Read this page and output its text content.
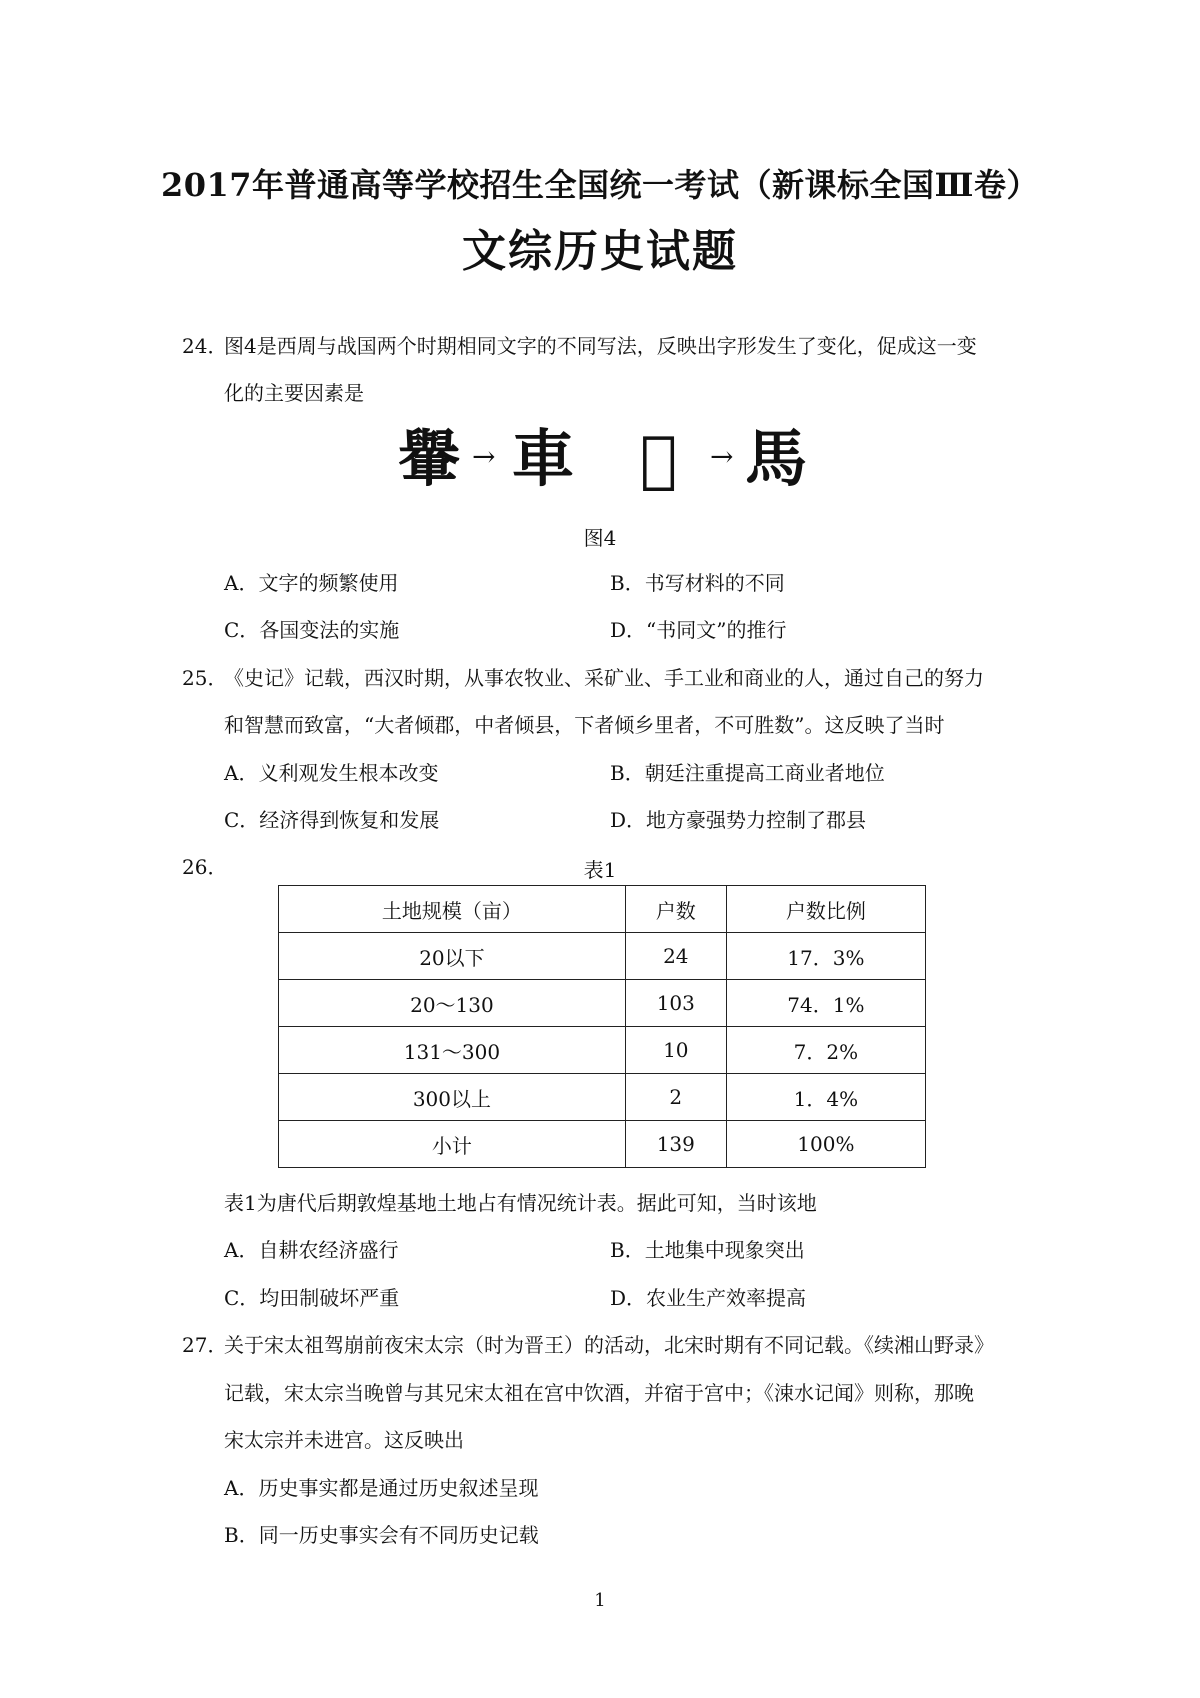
2017年普通高等学校招生全国统一考试（新课标全国Ⅲ卷）
文综历史试题
24．
图4是西周与战国两个时期相同文字的不同写法，反映出字形发生了变化，促成这一变
化的主要因素是
轝 → 車 𢒙 → 馬
图4
A．文字的频繁使用	B．书写材料的不同
C．各国变法的实施	D．“书同文”的推行
25．
《史记》记载，西汉时期，从事农牧业、采矿业、手工业和商业的人，通过自己的努力
和智慧而致富，“大者倾郡，中者倾县，下者倾乡里者，不可胜数”。这反映了当时
A．义利观发生根本改变	B．朝廷注重提高工商业者地位
C．经济得到恢复和发展	D．地方豪强势力控制了郡县
26．	表1
土地规模（亩）	户数	户数比例
20以下	24	17．3%
20～130	103	74．1%
131～300	10	7．2%
300以上	2	1．4%
小计	139	100%
表1为唐代后期敦煌基地土地占有情况统计表。据此可知，当时该地
A．自耕农经济盛行	B．土地集中现象突出
C．均田制破坏严重	D．农业生产效率提高
27．
关于宋太祖驾崩前夜宋太宗（时为晋王）的活动，北宋时期有不同记载。《续湘山野录》
记载，宋太宗当晚曾与其兄宋太祖在宫中饮酒，并宿于宫中；《涑水记闻》则称，那晚
宋太宗并未进宫。这反映出
A．历史事实都是通过历史叙述呈现
B．同一历史事实会有不同历史记载
1
